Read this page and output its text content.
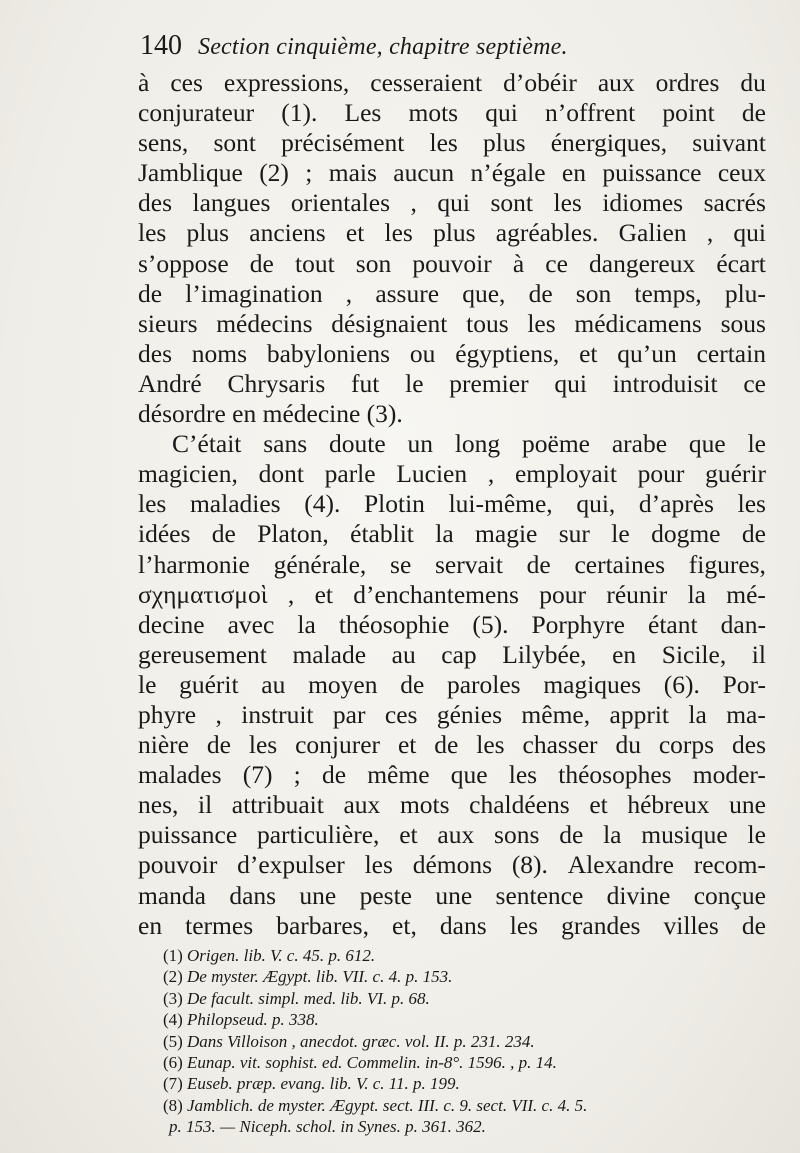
140 Section cinquième, chapitre septième.
à ces expressions, cesseraient d’obéir aux ordres du
conjurateur (1). Les mots qui n’offrent point de
sens, sont précisément les plus énergiques, suivant
Jamblique (2) ; mais aucun n’égale en puissance ceux
des langues orientales , qui sont les idiomes sacrés
les plus anciens et les plus agréables. Galien , qui
s’oppose de tout son pouvoir à ce dangereux écart
de l’imagination , assure que, de son temps, plu-
sieurs médecins désignaient tous les médicamens sous
des noms babyloniens ou égyptiens, et qu’un certain
André Chrysaris fut le premier qui introduisit ce
désordre en médecine (3).
C’était sans doute un long poëme arabe que le
magicien, dont parle Lucien , employait pour guérir
les maladies (4). Plotin lui-même, qui, d’après les
idées de Platon, établit la magie sur le dogme de
l’harmonie générale, se servait de certaines figures,
σχηματισμοὶ , et d’enchantemens pour réunir la mé-
decine avec la théosophie (5). Porphyre étant dan-
gereusement malade au cap Lilybée, en Sicile, il
le guérit au moyen de paroles magiques (6). Por-
phyre , instruit par ces génies même, apprit la ma-
nière de les conjurer et de les chasser du corps des
malades (7) ; de même que les théosophes moder-
nes, il attribuait aux mots chaldéens et hébreux une
puissance particulière, et aux sons de la musique le
pouvoir d’expulser les démons (8). Alexandre recom-
manda dans une peste une sentence divine conçue
en termes barbares, et, dans les grandes villes de
(1) Origen. lib. V. c. 45. p. 612.
(2) De myster. Ægypt. lib. VII. c. 4. p. 153.
(3) De facult. simpl. med. lib. VI. p. 68.
(4) Philopseud. p. 338.
(5) Dans Villoison , anecdot. græc. vol. II. p. 231. 234.
(6) Eunap. vit. sophist. ed. Commelin. in-8°. 1596. , p. 14.
(7) Euseb. præp. evang. lib. V. c. 11. p. 199.
(8) Jamblich. de myster. Ægypt. sect. III. c. 9. sect. VII. c. 4. 5.
p. 153. — Niceph. schol. in Synes. p. 361. 362.
